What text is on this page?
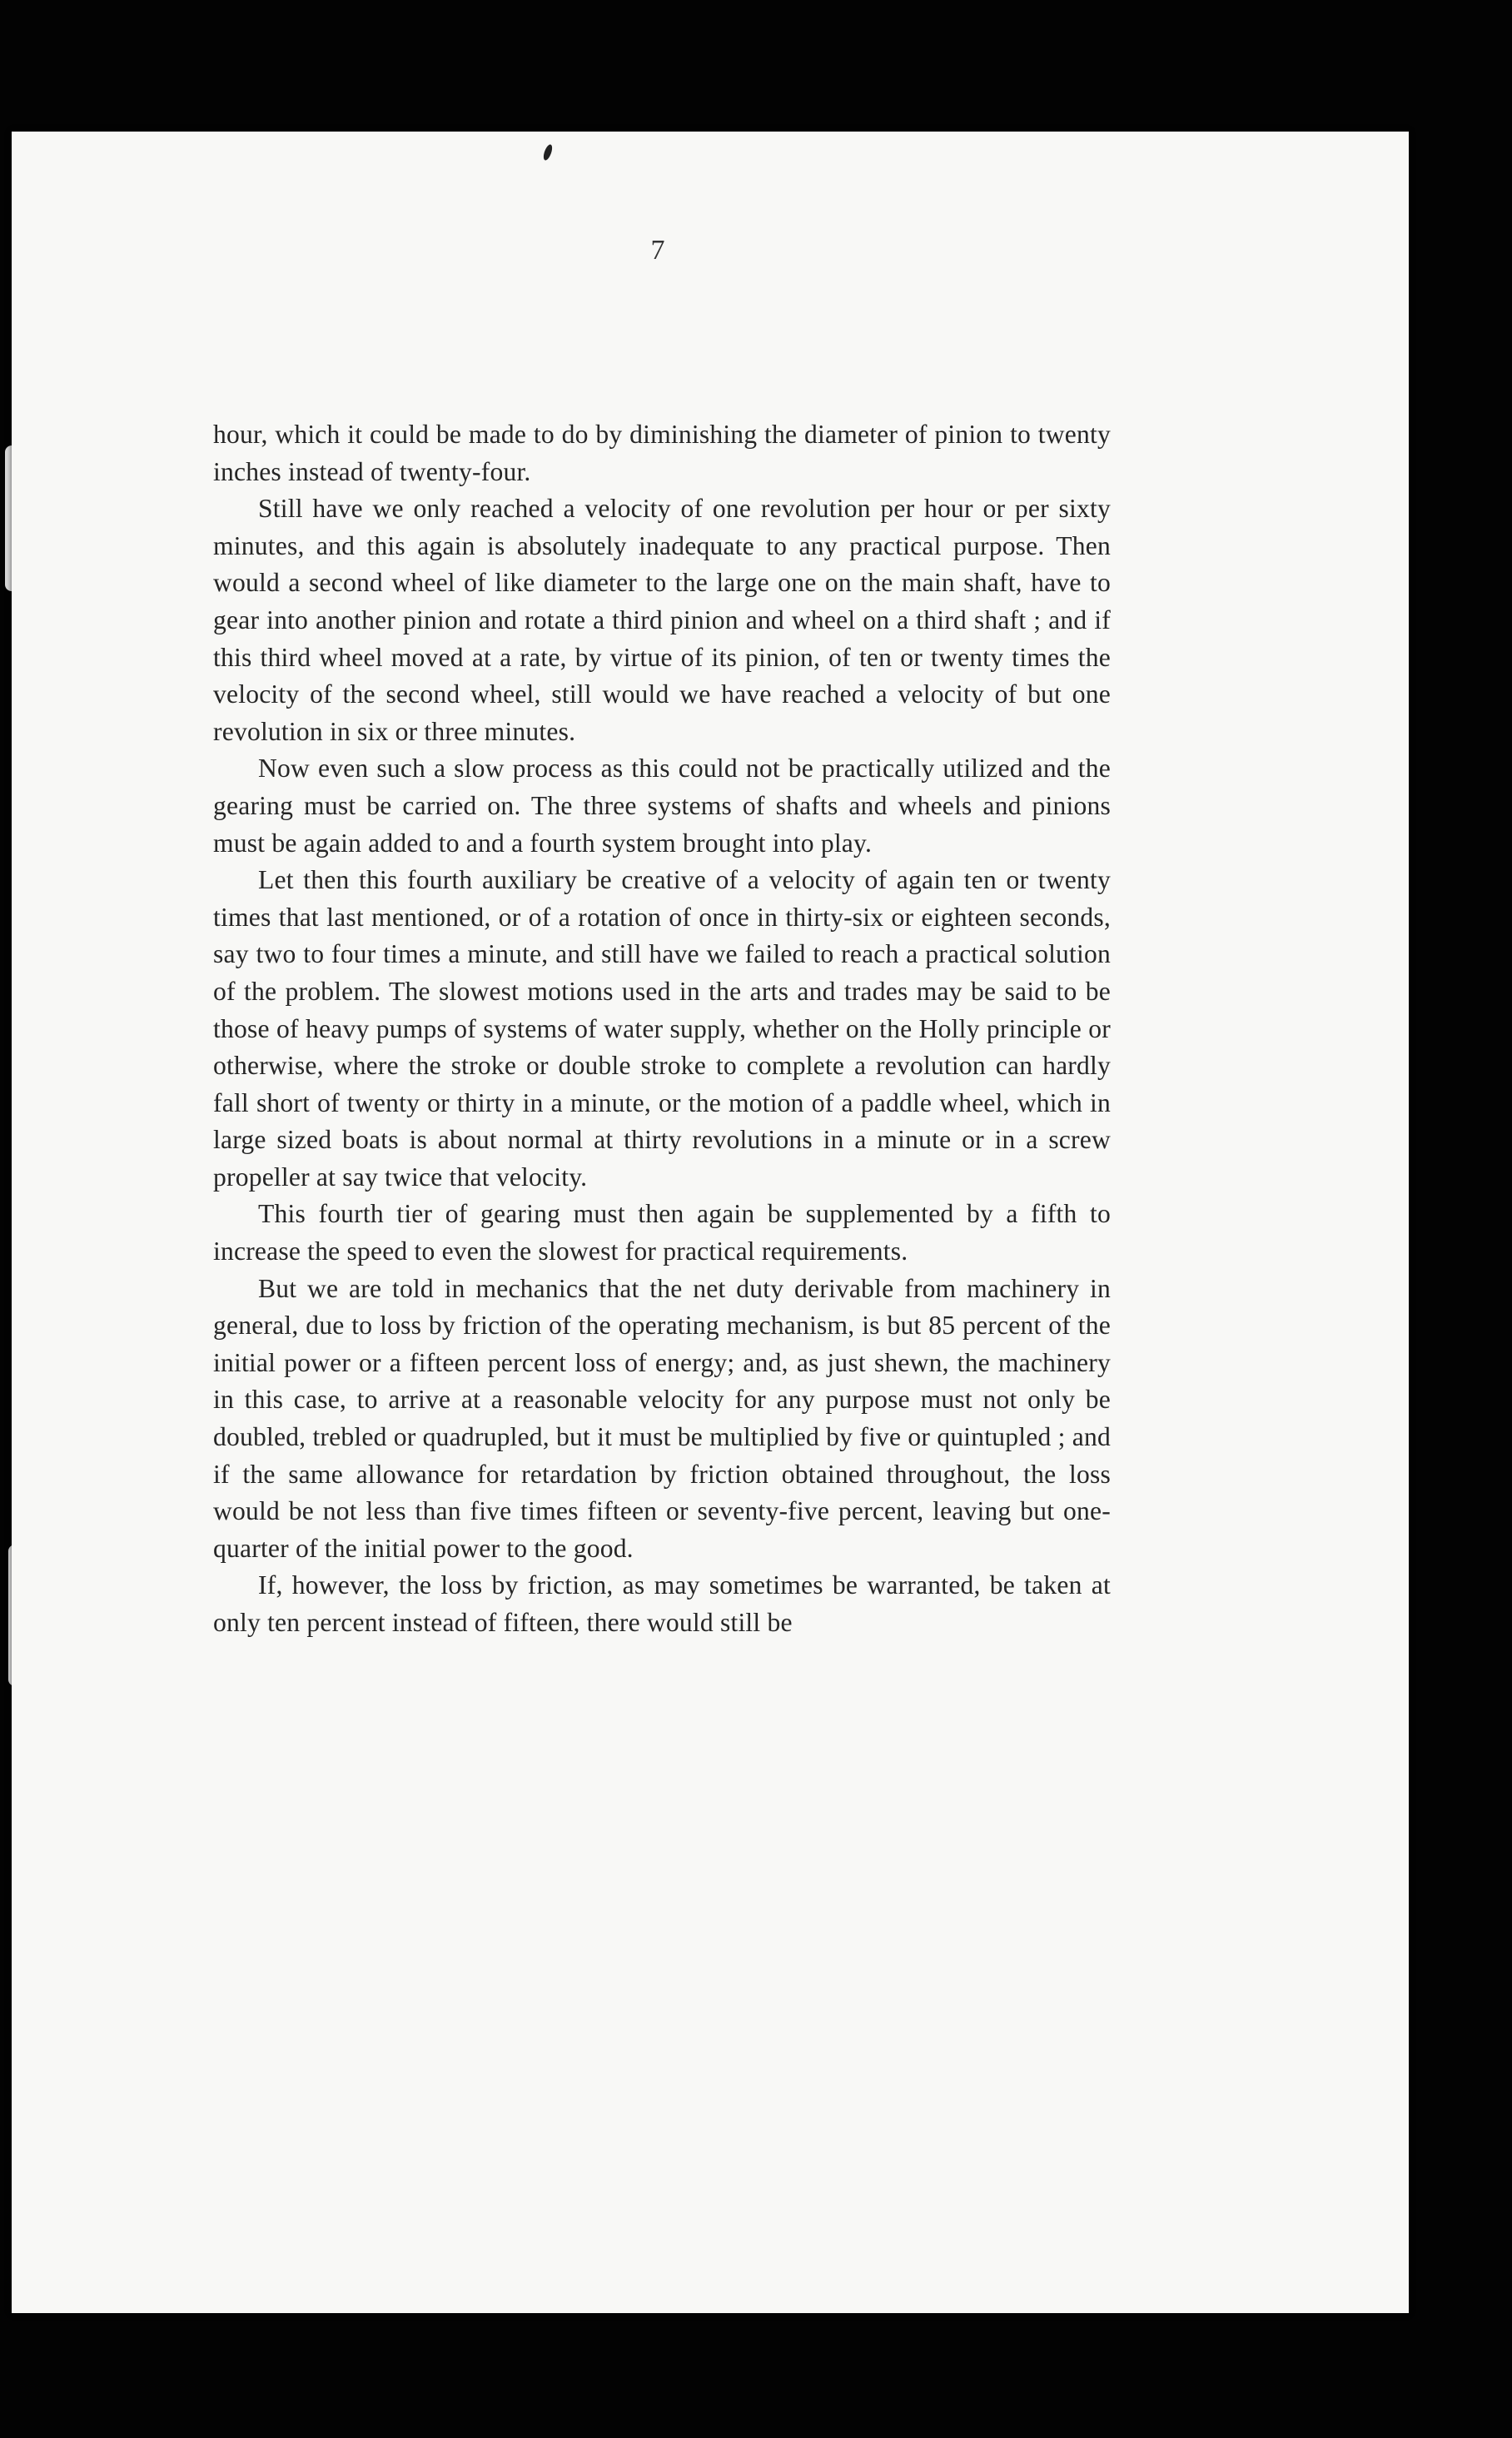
7

hour, which it could be made to do by diminishing the diameter of pinion to twenty inches instead of twenty-four.

Still have we only reached a velocity of one revolution per hour or per sixty minutes, and this again is absolutely inadequate to any practical purpose. Then would a second wheel of like diameter to the large one on the main shaft, have to gear into another pinion and rotate a third pinion and wheel on a third shaft ; and if this third wheel moved at a rate, by virtue of its pinion, of ten or twenty times the velocity of the second wheel, still would we have reached a velocity of but one revolution in six or three minutes.

Now even such a slow process as this could not be practically utilized and the gearing must be carried on. The three systems of shafts and wheels and pinions must be again added to and a fourth system brought into play.

Let then this fourth auxiliary be creative of a velocity of again ten or twenty times that last mentioned, or of a rotation of once in thirty-six or eighteen seconds, say two to four times a minute, and still have we failed to reach a practical solution of the problem. The slowest motions used in the arts and trades may be said to be those of heavy pumps of systems of water supply, whether on the Holly principle or otherwise, where the stroke or double stroke to complete a revolution can hardly fall short of twenty or thirty in a minute, or the motion of a paddle wheel, which in large sized boats is about normal at thirty revolutions in a minute or in a screw propeller at say twice that velocity.

This fourth tier of gearing must then again be supplemented by a fifth to increase the speed to even the slowest for practical requirements.

But we are told in mechanics that the net duty derivable from machinery in general, due to loss by friction of the operating mechanism, is but 85 percent of the initial power or a fifteen percent loss of energy; and, as just shewn, the machinery in this case, to arrive at a reasonable velocity for any purpose must not only be doubled, trebled or quadrupled, but it must be multiplied by five or quintupled ; and if the same allowance for retardation by friction obtained throughout, the loss would be not less than five times fifteen or seventy-five percent, leaving but one-quarter of the initial power to the good.

If, however, the loss by friction, as may sometimes be warranted, be taken at only ten percent instead of fifteen, there would still be
